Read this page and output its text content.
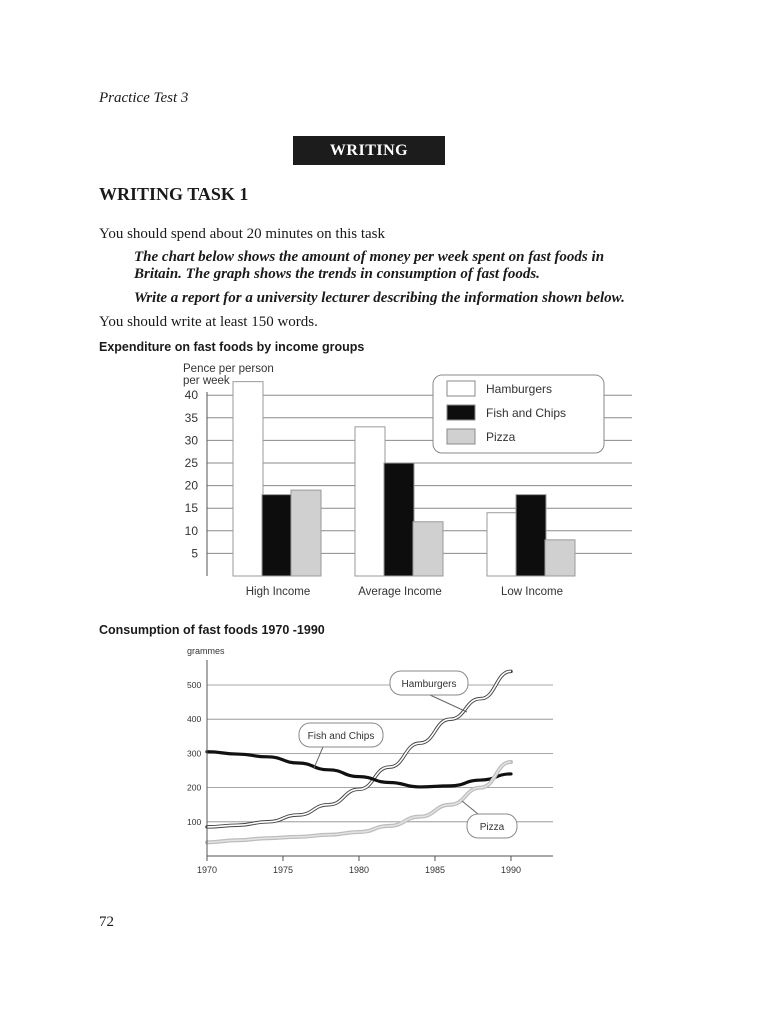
Practice Test 3
WRITING
WRITING TASK 1
You should spend about 20 minutes on this task
The chart below shows the amount of money per week spent on fast foods in
Britain. The graph shows the trends in consumption of fast foods.
Write a report for a university lecturer describing the information shown below.
You should write at least 150 words.
Expenditure on fast foods by income groups
Consumption of fast foods 1970 -1990
Pence per person
per week
5
10
15
20
25
30
35
40
High Income	Average Income	Low Income
Hamburgers
Fish and Chips
Pizza
grammes
100
200
300
400
500
1970	1975	1980	1985	1990
Hamburgers
Fish and Chips
Pizza
72
